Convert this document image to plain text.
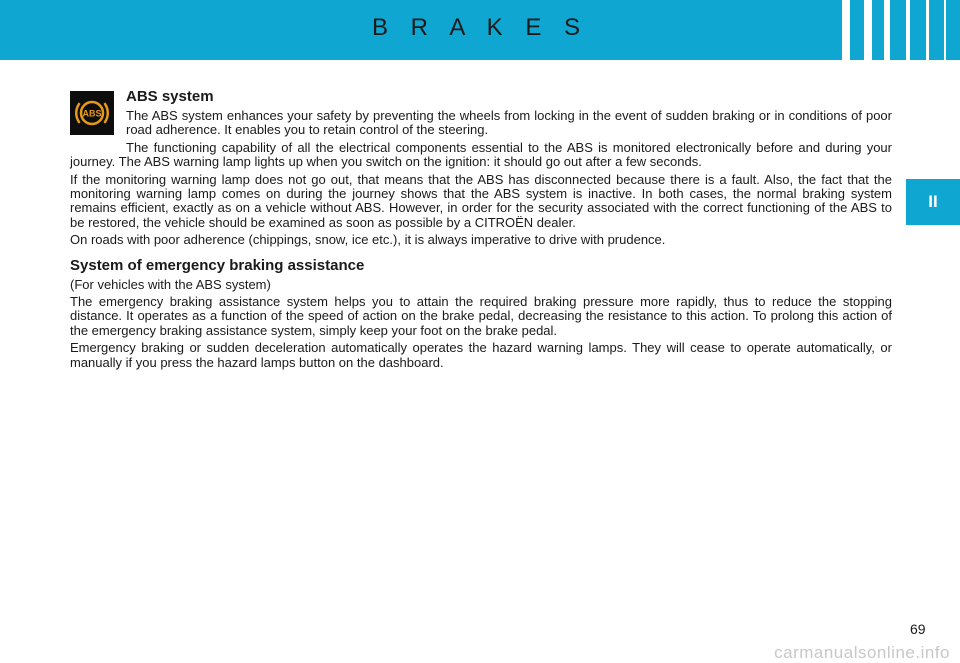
B R A K E S
II
ABS
ABS system

The ABS system enhances your safety by preventing the wheels from locking in the event of sudden braking or in conditions of poor road adherence. It enables you to retain control of the steering.

The functioning capability of all the electrical components essential to the ABS is monitored electronically before and during your journey. The ABS warning lamp lights up when you switch on the ignition: it should go out after a few seconds.

If the monitoring warning lamp does not go out, that means that the ABS has disconnected because there is a fault. Also, the fact that the monitoring warning lamp comes on during the journey shows that the ABS system is inactive. In both cases, the normal braking system remains efficient, exactly as on a vehicle without ABS. However, in order for the security associated with the correct functioning of the ABS to be restored, the vehicle should be examined as soon as possible by a CITROËN dealer.

On roads with poor adherence (chippings, snow, ice etc.), it is always imperative to drive with prudence.

System of emergency braking assistance

(For vehicles with the ABS system)

The emergency braking assistance system helps you to attain the required braking pressure more rapidly, thus to reduce the stopping distance. It operates as a function of the speed of action on the brake pedal, decreasing the resistance to this action. To prolong this action of the emergency braking assistance system, simply keep your foot on the brake pedal.

Emergency braking or sudden deceleration automatically operates the hazard warning lamps. They will cease to operate automatically, or manually if you press the hazard lamps button on the dashboard.

69
carmanualsonline.info
